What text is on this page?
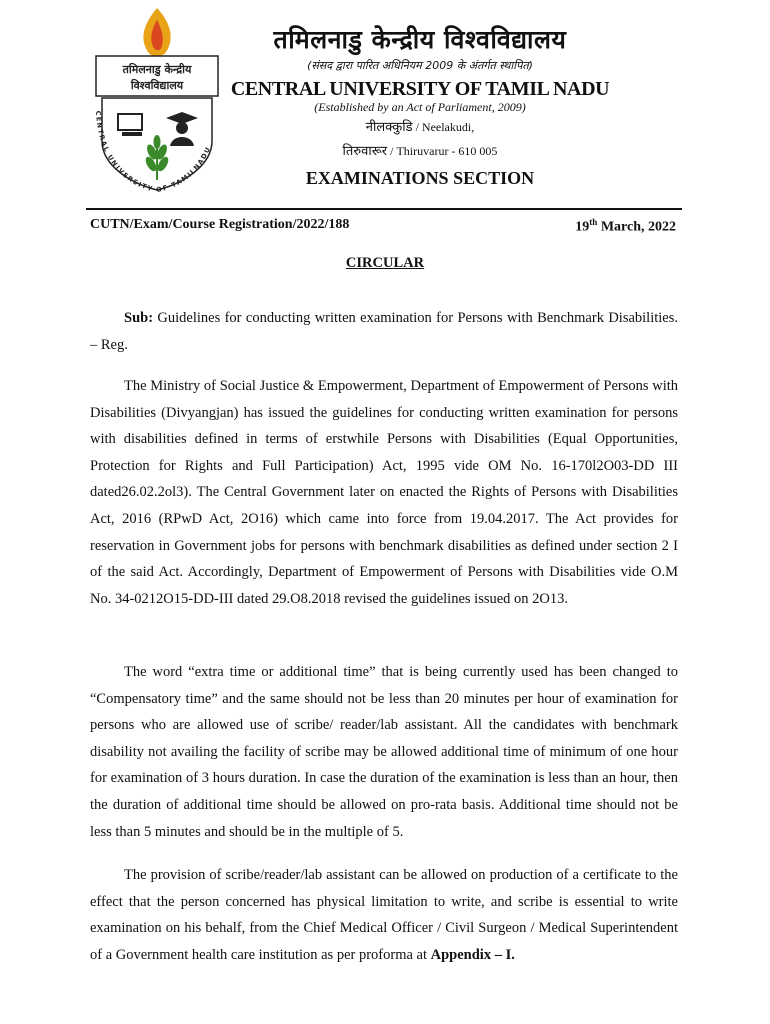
तमिलनाडु केन्द्रीय
विश्वविद्यालय
CENTRAL UNIVERSITY OF TAMILNADU
तमिलनाडु केन्द्रीय विश्वविद्यालय
(संसद द्वारा पारित अधिनियम 2009 के अंतर्गत स्थापित)
CENTRAL UNIVERSITY OF TAMIL NADU
(Established by an Act of Parliament, 2009)
नीलक्कुडि / Neelakudi,
तिरुवारूर / Thiruvarur - 610 005
EXAMINATIONS SECTION
CUTN/Exam/Course Registration/2022/188	19th March, 2022
CIRCULAR
Sub: Guidelines for conducting written examination for Persons with Benchmark Disabilities. – Reg.
The Ministry of Social Justice & Empowerment, Department of Empowerment of Persons with Disabilities (Divyangjan) has issued the guidelines for conducting written examination for persons with disabilities defined in terms of erstwhile Persons with Disabilities (Equal Opportunities, Protection for Rights and Full Participation) Act, 1995 vide OM No. 16-170l2O03-DD III dated26.02.2ol3). The Central Government later on enacted the Rights of Persons with Disabilities Act, 2016 (RPwD Act, 2O16) which came into force from 19.04.2017. The Act provides for reservation in Government jobs for persons with benchmark disabilities as defined under section 2 I of the said Act. Accordingly, Department of Empowerment of Persons with Disabilities vide O.M No. 34-0212O15-DD-III dated 29.O8.2018 revised the guidelines issued on 2O13.
The word “extra time or additional time” that is being currently used has been changed to “Compensatory time” and the same should not be less than 20 minutes per hour of examination for persons who are allowed use of scribe/ reader/lab assistant. All the candidates with benchmark disability not availing the facility of scribe may be allowed additional time of minimum of one hour for examination of 3 hours duration. In case the duration of the examination is less than an hour, then the duration of additional time should be allowed on pro-rata basis. Additional time should not be less than 5 minutes and should be in the multiple of 5.
The provision of scribe/reader/lab assistant can be allowed on production of a certificate to the effect that the person concerned has physical limitation to write, and scribe is essential to write examination on his behalf, from the Chief Medical Officer / Civil Surgeon / Medical Superintendent of a Government health care institution as per proforma at Appendix – I.
